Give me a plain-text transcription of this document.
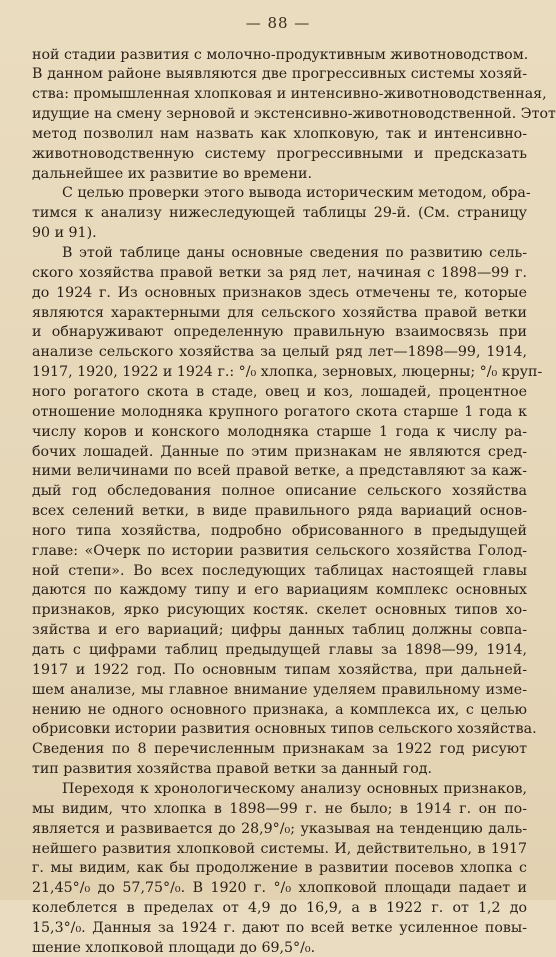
— 88 —
ной стадии развития с молочно-продуктивным животноводством.
В данном районе выявляются две прогрессивных системы хозяй-
ства: промышленная хлопковая и интенсивно-животноводственная,
идущие на смену зерновой и экстенсивно-животноводственной. Этот
метод позволил нам назвать как хлопковую, так и интенсивно-
животноводственную систему прогрессивными и предсказать
дальнейшее их развитие во времени.
С целью проверки этого вывода историческим методом, обра-
тимся к анализу нижеследующей таблицы 29-й. (См. страницу
90 и 91).
В этой таблице даны основные сведения по развитию сель-
ского хозяйства правой ветки за ряд лет, начиная с 1898—99 г.
до 1924 г. Из основных признаков здесь отмечены те, которые
являются характерными для сельского хозяйства правой ветки
и обнаруживают определенную правильную взаимосвязь при
анализе сельского хозяйства за целый ряд лет—1898—99, 1914,
1917, 1920, 1922 и 1924 г.: °/₀ хлопка, зерновых, люцерны; °/₀ круп-
ного рогатого скота в стаде, овец и коз, лошадей, процентное
отношение молодняка крупного рогатого скота старше 1 года к
числу коров и конского молодняка старше 1 года к числу ра-
бочих лошадей. Данные по этим признакам не являются сред-
ними величинами по всей правой ветке, а представляют за каж-
дый год обследования полное описание сельского хозяйства
всех селений ветки, в виде правильного ряда вариаций основ-
ного типа хозяйства, подробно обрисованного в предыдущей
главе: «Очерк по истории развития сельского хозяйства Голод-
ной степи». Во всех последующих таблицах настоящей главы
даются по каждому типу и его вариациям комплекс основных
признаков, ярко рисующих костяк. скелет основных типов хо-
зяйства и его вариаций; цифры данных таблиц должны совпа-
дать с цифрами таблиц предыдущей главы за 1898—99, 1914,
1917 и 1922 год. По основным типам хозяйства, при дальней-
шем анализе, мы главное внимание уделяем правильному изме-
нению не одного основного признака, а комплекса их, с целью
обрисовки истории развития основных типов сельского хозяйства.
Сведения по 8 перечисленным признакам за 1922 год рисуют
тип развития хозяйства правой ветки за данный год.
Переходя к хронологическому анализу основных признаков,
мы видим, что хлопка в 1898—99 г. не было; в 1914 г. он по-
является и развивается до 28,9°/₀; указывая на тенденцию даль-
нейшего развития хлопковой системы. И, действительно, в 1917
г. мы видим, как бы продолжение в развитии посевов хлопка с
21,45°/₀ до 57,75°/₀. В 1920 г. °/₀ хлопковой площади падает и
колеблется в пределах от 4,9 до 16,9, а в 1922 г. от 1,2 до
15,3°/₀. Данныя за 1924 г. дают по всей ветке усиленное повы-
шение хлопковой площади до 69,5°/₀.
